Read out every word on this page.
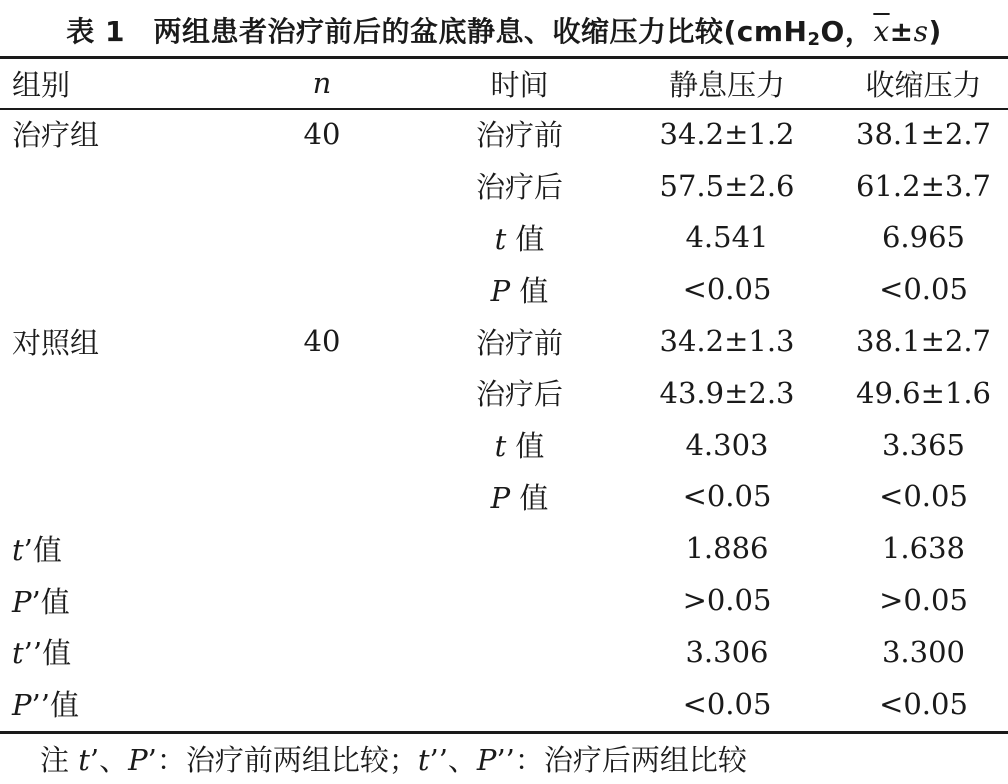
表 1　两组患者治疗前后的盆底静息、收缩压力比较(cmH$_2$O，$\overline{x}\pm s$)
组别	n	时间	静息压力	收缩压力
治疗组	40	治疗前	34.2±1.2	38.1±2.7
		治疗后	57.5±2.6	61.2±3.7
		t 值	4.541	6.965
		P 值	<0.05	<0.05
对照组	40	治疗前	34.2±1.3	38.1±2.7
		治疗后	43.9±2.3	49.6±1.6
		t 值	4.303	3.365
		P 值	<0.05	<0.05
t’值			1.886	1.638
P’值			>0.05	>0.05
t’’值			3.306	3.300
P’’值			<0.05	<0.05
注 t’、P’：治疗前两组比较；t’’、P’’：治疗后两组比较
